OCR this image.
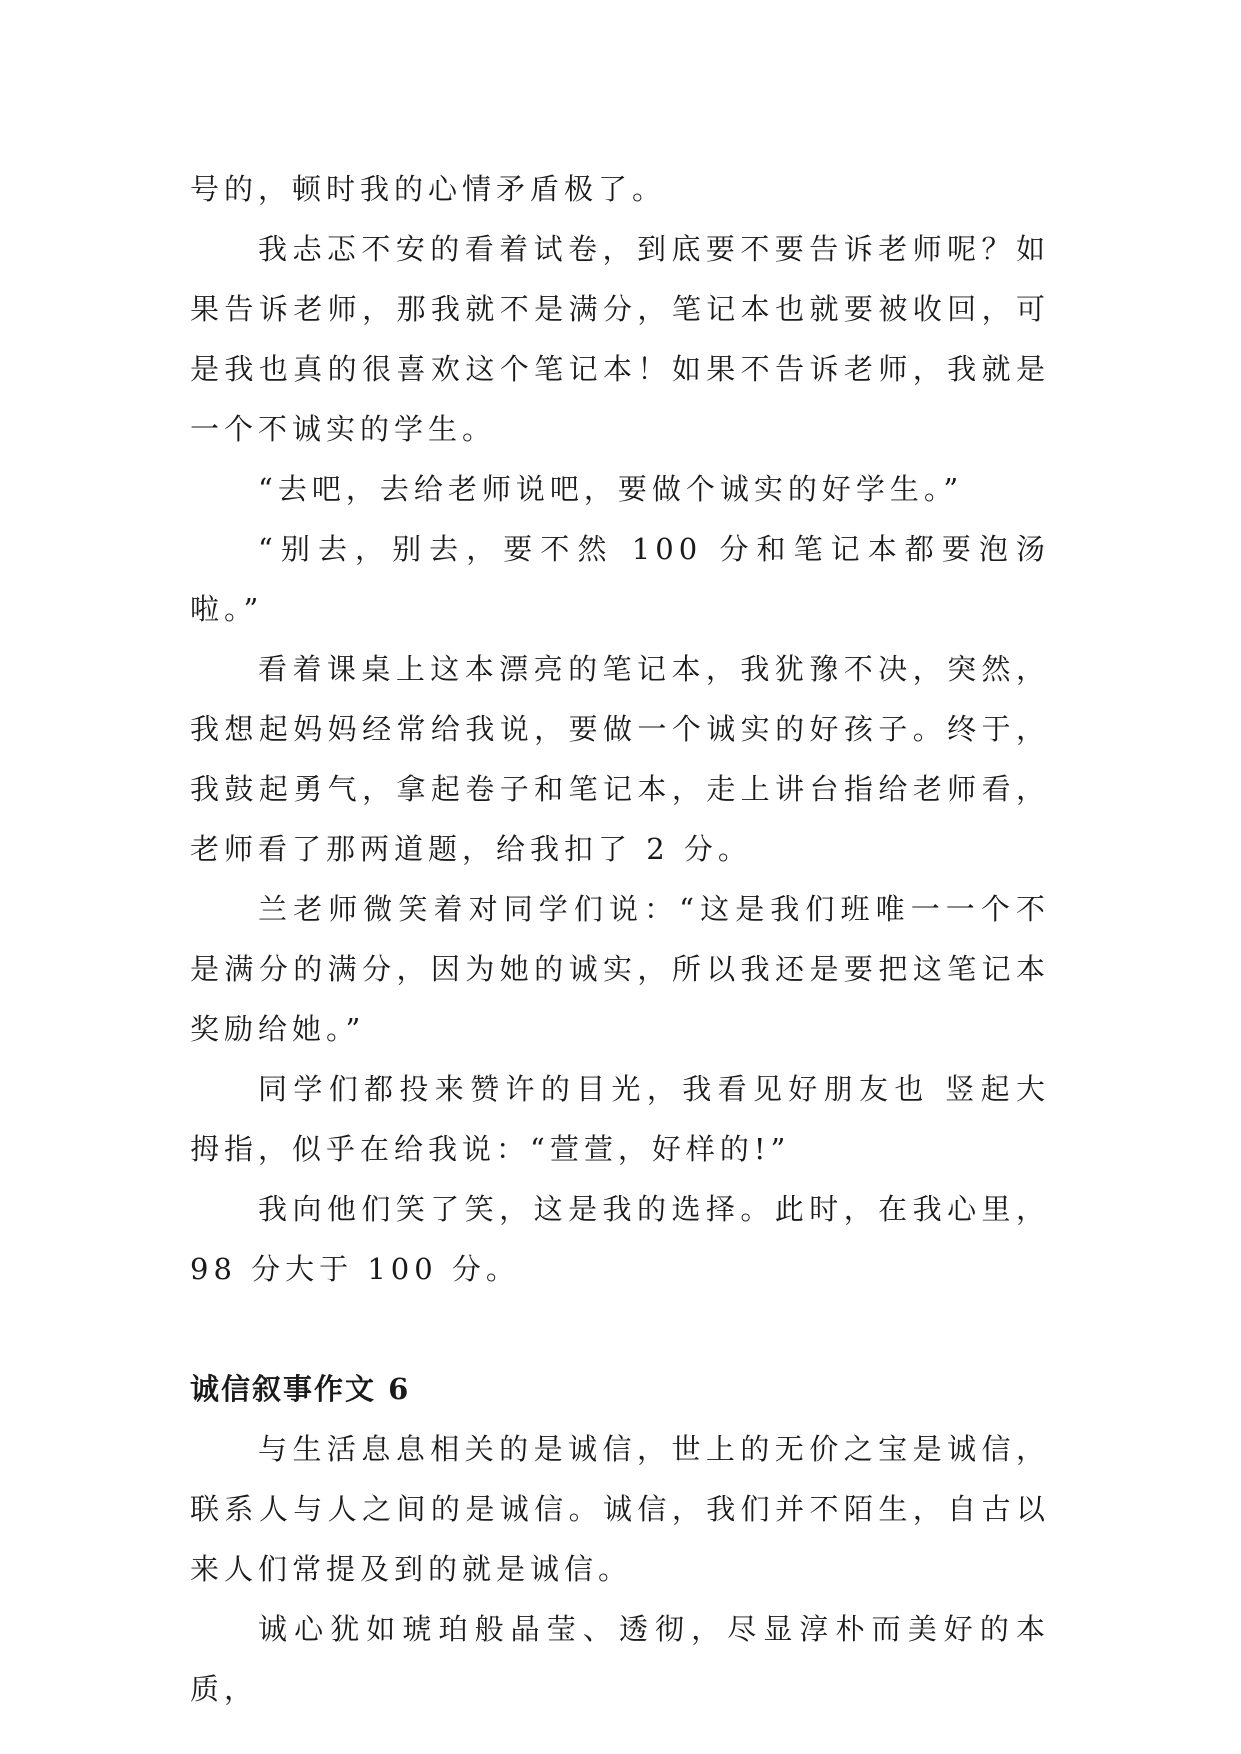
号的，顿时我的心情矛盾极了。

我忐忑不安的看着试卷，到底要不要告诉老师呢？如果告诉老师，那我就不是满分，笔记本也就要被收回，可是我也真的很喜欢这个笔记本！如果不告诉老师，我就是一个不诚实的学生。

“去吧，去给老师说吧，要做个诚实的好学生。”

“别去，别去，要不然 100 分和笔记本都要泡汤啦。”

看着课桌上这本漂亮的笔记本，我犹豫不决，突然，我想起妈妈经常给我说，要做一个诚实的好孩子。终于，我鼓起勇气，拿起卷子和笔记本，走上讲台指给老师看，老师看了那两道题，给我扣了 2 分。

兰老师微笑着对同学们说：“这是我们班唯一一个不是满分的满分，因为她的诚实，所以我还是要把这笔记本奖励给她。”

同学们都投来赞许的目光，我看见好朋友也 竖起大拇指，似乎在给我说：“萱萱，好样的!”

我向他们笑了笑，这是我的选择。此时，在我心里，98 分大于 100 分。

诚信叙事作文 6

与生活息息相关的是诚信，世上的无价之宝是诚信，联系人与人之间的是诚信。诚信，我们并不陌生，自古以来人们常提及到的就是诚信。

诚心犹如琥珀般晶莹、透彻，尽显淳朴而美好的本质，
